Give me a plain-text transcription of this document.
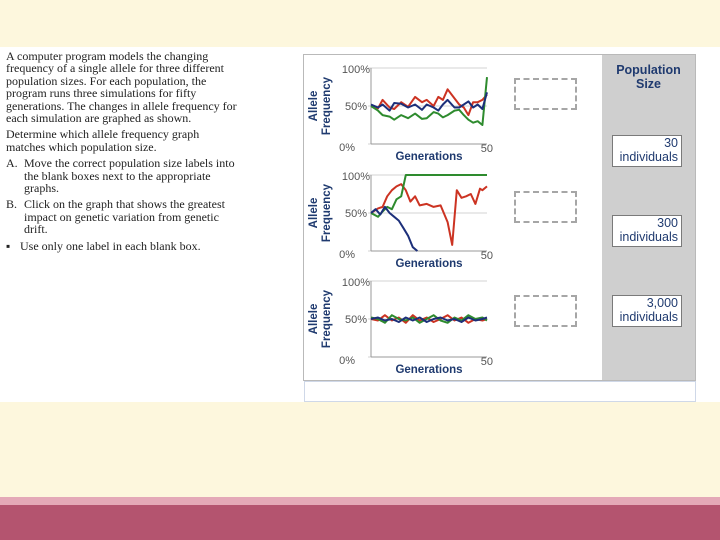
A computer program models the changing frequency of a single allele for three different population sizes. For each population, the program runs three simulations for fifty generations. The changes in allele frequency for each simulation are graphed as shown.

Determine which allele frequency graph matches which population size.

A. Move the correct population size labels into the blank boxes next to the appropriate graphs.
B. Click on the graph that shows the greatest impact on genetic variation from genetic drift.
▪ Use only one label in each blank box.
100%
50%
0%	50
Generations
Allele Frequency
100%
50%
0%	50
Generations
Allele Frequency
100%
50%
0%	50
Generations
Allele Frequency
Population
Size
30
individuals
300
individuals
3,000
individuals
